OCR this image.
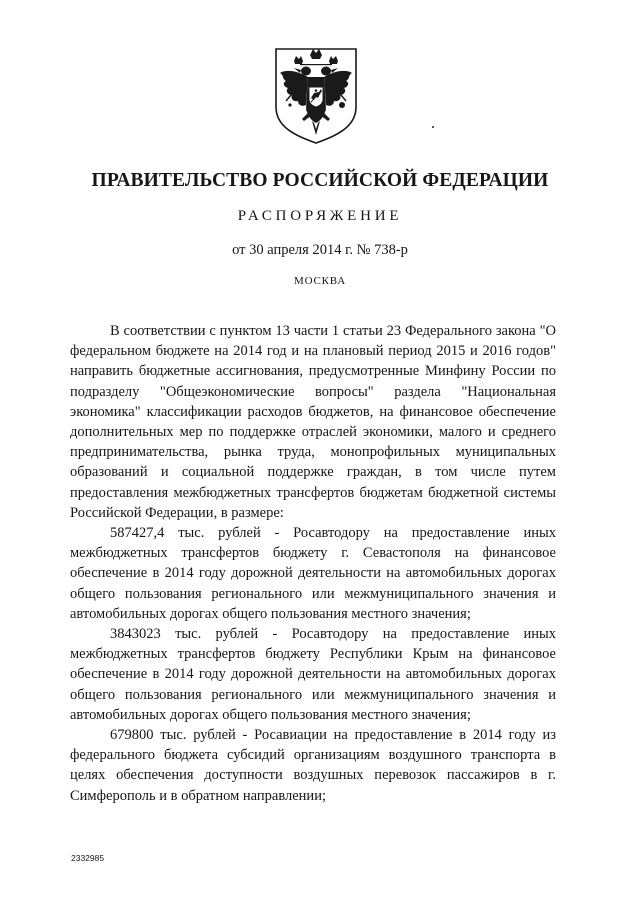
ПРАВИТЕЛЬСТВО РОССИЙСКОЙ ФЕДЕРАЦИИ
РАСПОРЯЖЕНИЕ
от 30 апреля 2014 г. № 738-р
МОСКВА

В соответствии с пунктом 13 части 1 статьи 23 Федерального закона "О федеральном бюджете на 2014 год и на плановый период 2015 и 2016 годов" направить бюджетные ассигнования, предусмотренные Минфину России по подразделу "Общеэкономические вопросы" раздела "Национальная экономика" классификации расходов бюджетов, на финансовое обеспечение дополнительных мер по поддержке отраслей экономики, малого и среднего предпринимательства, рынка труда, монопрофильных муниципальных образований и социальной поддержке граждан, в том числе путем предоставления межбюджетных трансфертов бюджетам бюджетной системы Российской Федерации, в размере:

587427,4 тыс. рублей - Росавтодору на предоставление иных межбюджетных трансфертов бюджету г. Севастополя на финансовое обеспечение в 2014 году дорожной деятельности на автомобильных дорогах общего пользования регионального или межмуниципального значения и автомобильных дорогах общего пользования местного значения;

3843023 тыс. рублей - Росавтодору на предоставление иных межбюджетных трансфертов бюджету Республики Крым на финансовое обеспечение в 2014 году дорожной деятельности на автомобильных дорогах общего пользования регионального или межмуниципального значения и автомобильных дорогах общего пользования местного значения;

679800 тыс. рублей - Росавиации на предоставление в 2014 году из федерального бюджета субсидий организациям воздушного транспорта в целях обеспечения доступности воздушных перевозок пассажиров в г. Симферополь и в обратном направлении;

2332985
